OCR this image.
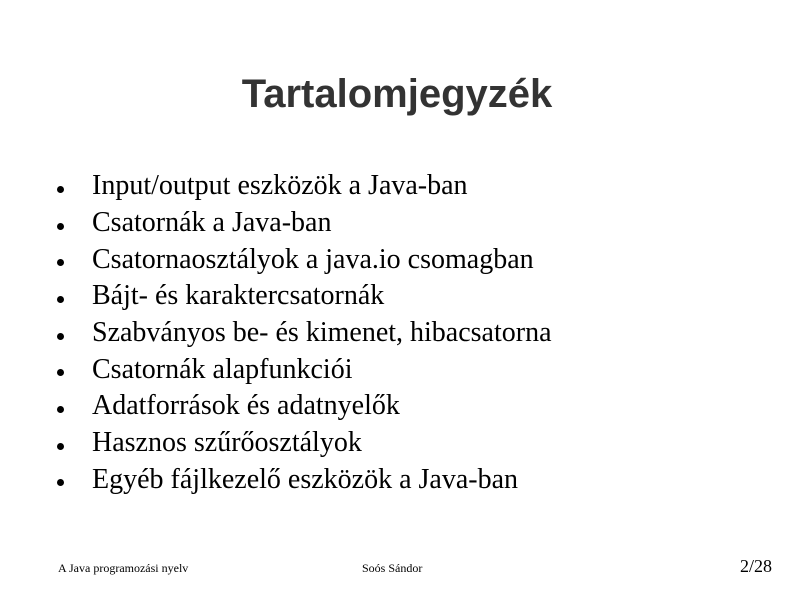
Tartalomjegyzék
Input/output eszközök a Java-ban
Csatornák a Java-ban
Csatornaosztályok a java.io csomagban
Bájt- és karaktercsatornák
Szabványos be- és kimenet, hibacsatorna
Csatornák alapfunkciói
Adatforrások és adatnyelők
Hasznos szűrőosztályok
Egyéb fájlkezelő eszközök a Java-ban
A Java programozási nyelv	Soós Sándor	2/28
